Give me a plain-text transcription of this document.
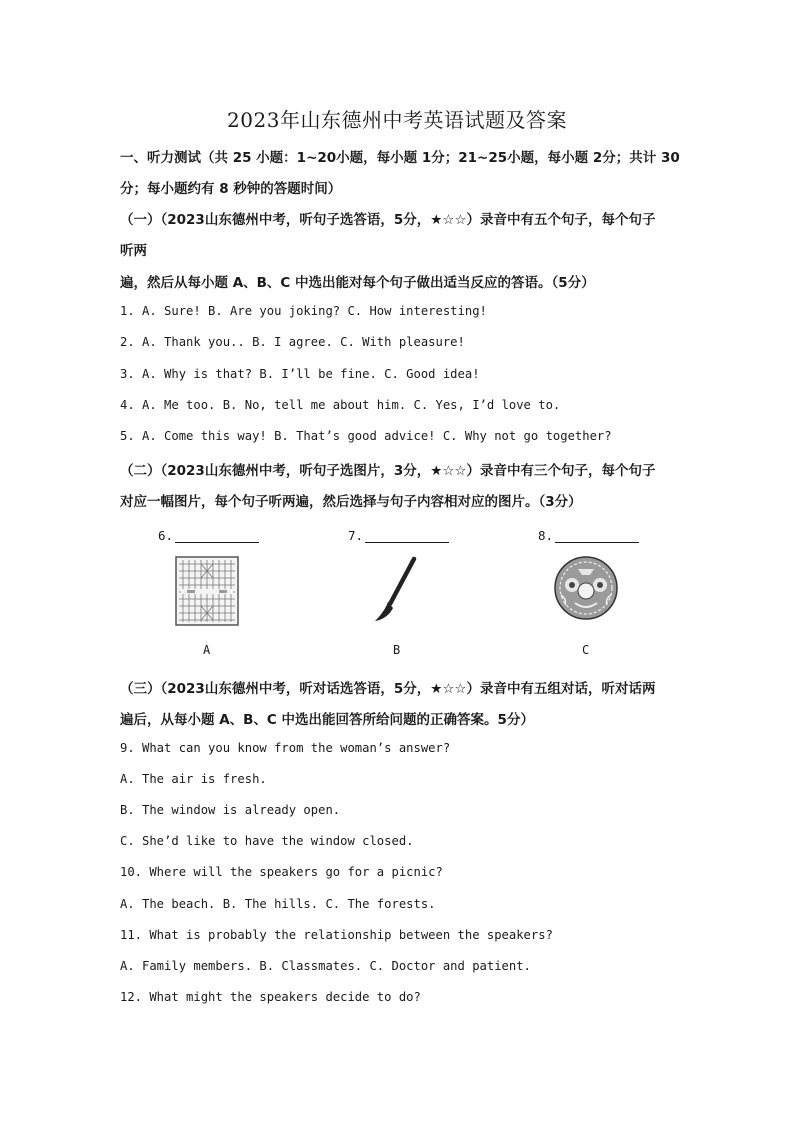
2023年山东德州中考英语试题及答案
一、听力测试（共 25 小题：1~20小题，每小题 1分；21~25小题，每小题 2分；共计 30
分；每小题约有 8 秒钟的答题时间）
（一）（2023山东德州中考，听句子选答语，5分，★☆☆）录音中有五个句子，每个句子
听两
遍，然后从每小题 A、B、C 中选出能对每个句子做出适当反应的答语。（5分）
1. A. Sure! B. Are you joking? C. How interesting!
2. A. Thank you.. B. I agree. C. With pleasure!
3. A. Why is that? B. I’ll be fine. C. Good idea!
4. A. Me too. B. No, tell me about him. C. Yes, I’d love to.
5. A. Come this way! B. That’s good advice! C. Why not go together?
（二）（2023山东德州中考，听句子选图片，3分，★☆☆）录音中有三个句子，每个句子
对应一幅图片，每个句子听两遍，然后选择与句子内容相对应的图片。（3分）
6.	7.	8.
A	B	C
（三）（2023山东德州中考，听对话选答语，5分，★☆☆）录音中有五组对话，听对话两
遍后，从每小题 A、B、C 中选出能回答所给问题的正确答案。5分）
9. What can you know from the woman’s answer?
A. The air is fresh.
B. The window is already open.
C. She’d like to have the window closed.
10. Where will the speakers go for a picnic?
A. The beach. B. The hills. C. The forests.
11. What is probably the relationship between the speakers?
A. Family members. B. Classmates. C. Doctor and patient.
12. What might the speakers decide to do?
